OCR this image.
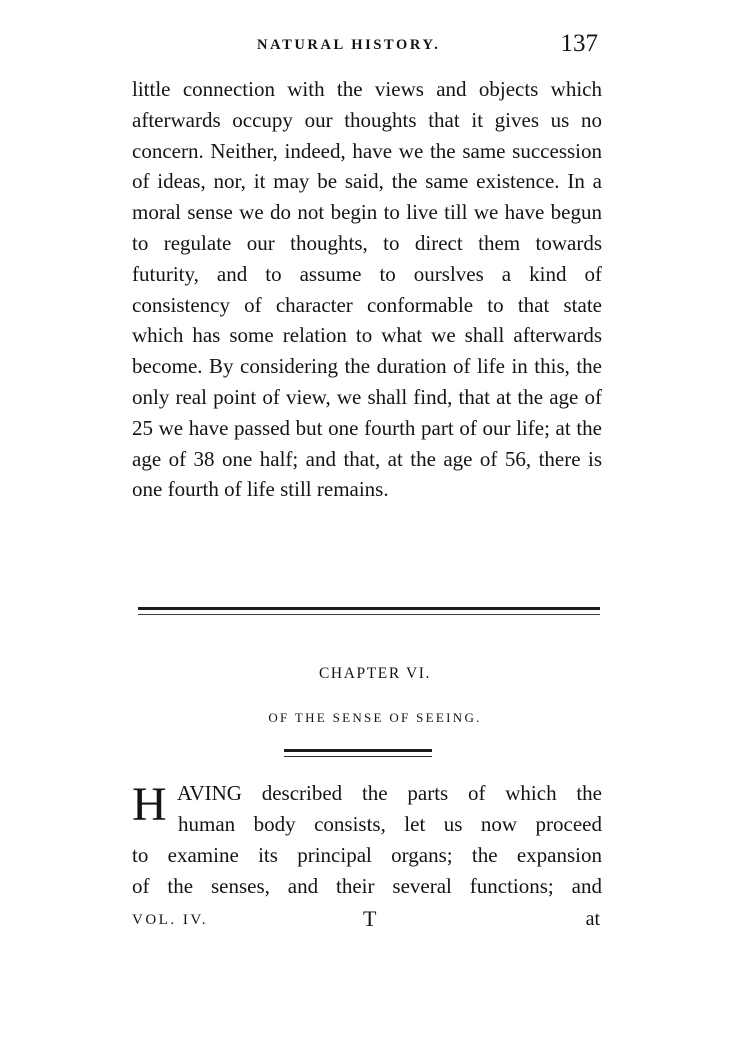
NATURAL HISTORY.	137

little connection with the views and objects which afterwards occupy our thoughts that it gives us no concern. Neither, indeed, have we the same succession of ideas, nor, it may be said, the same existence. In a moral sense we do not begin to live till we have begun to regulate our thoughts, to direct them towards futurity, and to assume to ourslves a kind of consistency of character conformable to that state which has some relation to what we shall afterwards become. By considering the duration of life in this, the only real point of view, we shall find, that at the age of 25 we have passed but one fourth part of our life; at the age of 38 one half; and that, at the age of 56, there is one fourth of life still remains.

CHAPTER VI.
OF THE SENSE OF SEEING.
H AVING described the parts of which the
human body consists, let us now proceed
to examine its principal organs; the expansion
of the senses, and their several functions; and
VOL. IV.	T	at
